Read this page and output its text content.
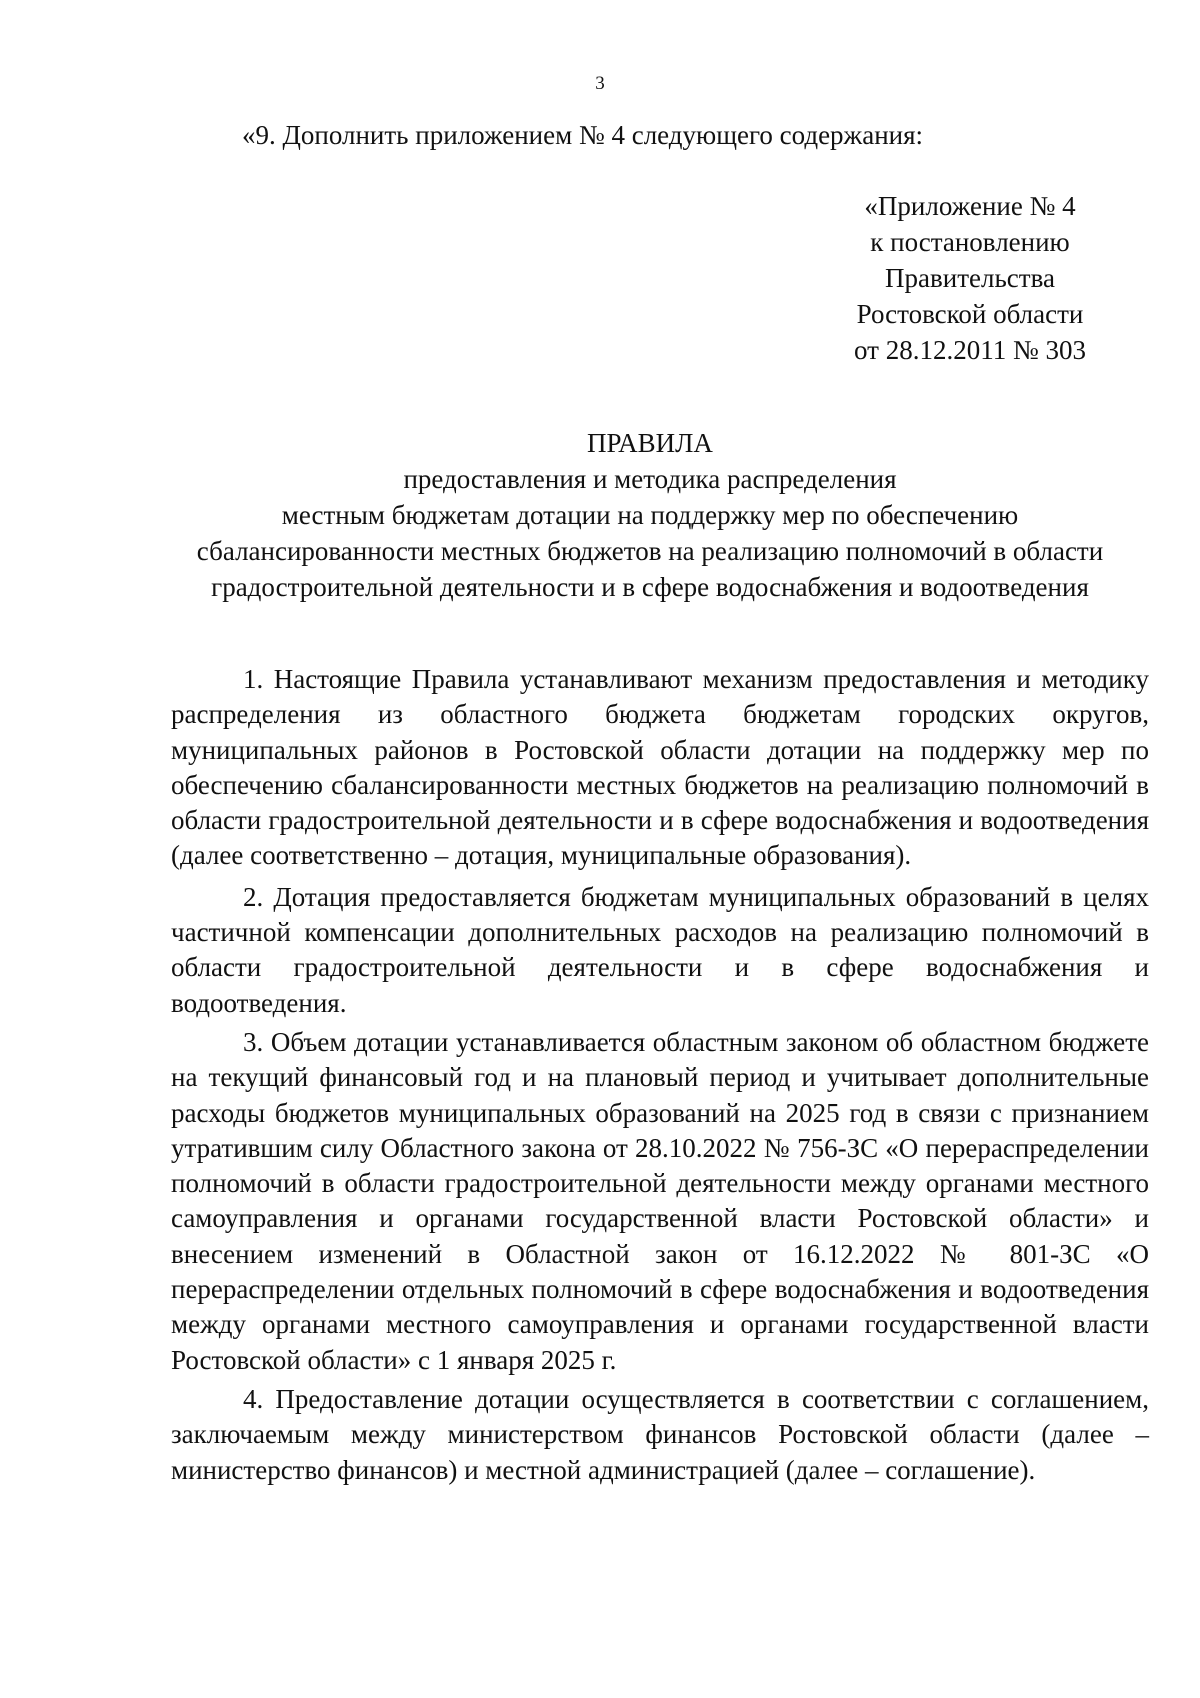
3
«9. Дополнить приложением № 4 следующего содержания:
«Приложение № 4
к постановлению
Правительства
Ростовской области
от 28.12.2011 № 303
ПРАВИЛА
предоставления и методика распределения
местным бюджетам дотации на поддержку мер по обеспечению
сбалансированности местных бюджетов на реализацию полномочий в области
градостроительной деятельности и в сфере водоснабжения и водоотведения

1. Настоящие Правила устанавливают механизм предоставления и методику распределения из областного бюджета бюджетам городских округов, муниципальных районов в Ростовской области дотации на поддержку мер по обеспечению сбалансированности местных бюджетов на реализацию полномочий в области градостроительной деятельности и в сфере водоснабжения и водоотведения (далее соответственно – дотация, муниципальные образования).

2. Дотация предоставляется бюджетам муниципальных образований в целях частичной компенсации дополнительных расходов на реализацию полномочий в области градостроительной деятельности и в сфере водоснабжения и водоотведения.

3. Объем дотации устанавливается областным законом об областном бюджете на текущий финансовый год и на плановый период и учитывает дополнительные расходы бюджетов муниципальных образований на 2025 год в связи с признанием утратившим силу Областного закона от 28.10.2022 № 756-ЗС «О перераспределении полномочий в области градостроительной деятельности между органами местного самоуправления и органами государственной власти Ростовской области» и внесением изменений в Областной закон от 16.12.2022 № 801-ЗС «О перераспределении отдельных полномочий в сфере водоснабжения и водоотведения между органами местного самоуправления и органами государственной власти Ростовской области» с 1 января 2025 г.

4. Предоставление дотации осуществляется в соответствии с соглашением, заключаемым между министерством финансов Ростовской области (далее – министерство финансов) и местной администрацией (далее – соглашение).
